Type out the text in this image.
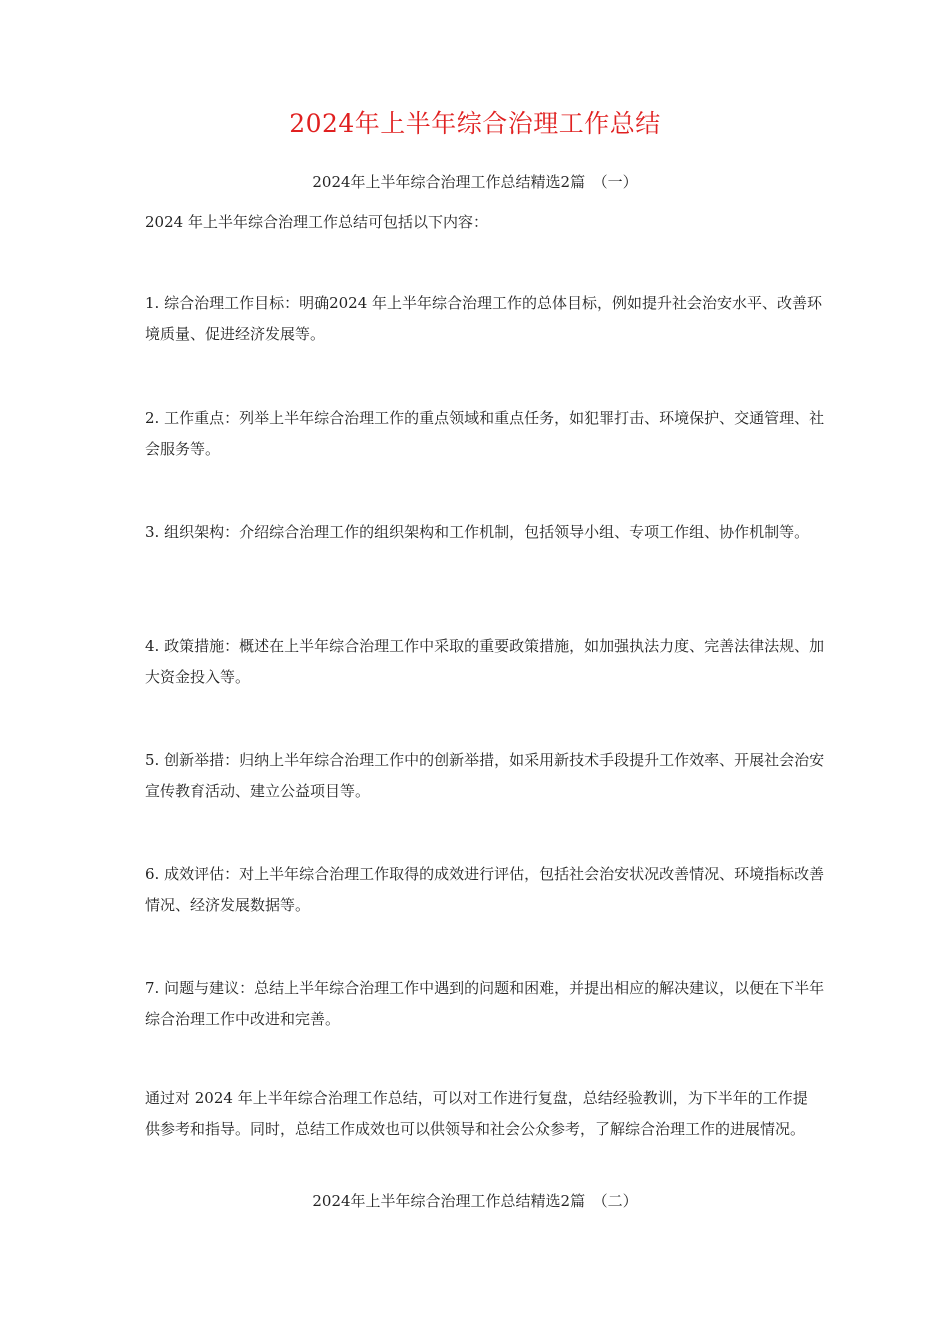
2024年上半年综合治理工作总结

2024年上半年综合治理工作总结精选2篇　（一）

2024 年上半年综合治理工作总结可包括以下内容：

1. 综合治理工作目标：明确2024 年上半年综合治理工作的总体目标，例如提升社会治安水平、改善环境质量、促进经济发展等。

2. 工作重点：列举上半年综合治理工作的重点领域和重点任务，如犯罪打击、环境保护、交通管理、社会服务等。

3. 组织架构：介绍综合治理工作的组织架构和工作机制，包括领导小组、专项工作组、协作机制等。

4. 政策措施：概述在上半年综合治理工作中采取的重要政策措施，如加强执法力度、完善法律法规、加大资金投入等。

5. 创新举措：归纳上半年综合治理工作中的创新举措，如采用新技术手段提升工作效率、开展社会治安宣传教育活动、建立公益项目等。

6. 成效评估：对上半年综合治理工作取得的成效进行评估，包括社会治安状况改善情况、环境指标改善情况、经济发展数据等。

7. 问题与建议：总结上半年综合治理工作中遇到的问题和困难，并提出相应的解决建议，以便在下半年综合治理工作中改进和完善。

通过对 2024 年上半年综合治理工作总结，可以对工作进行复盘，总结经验教训，为下半年的工作提供参考和指导。同时，总结工作成效也可以供领导和社会公众参考，了解综合治理工作的进展情况。

2024年上半年综合治理工作总结精选2篇　（二）
